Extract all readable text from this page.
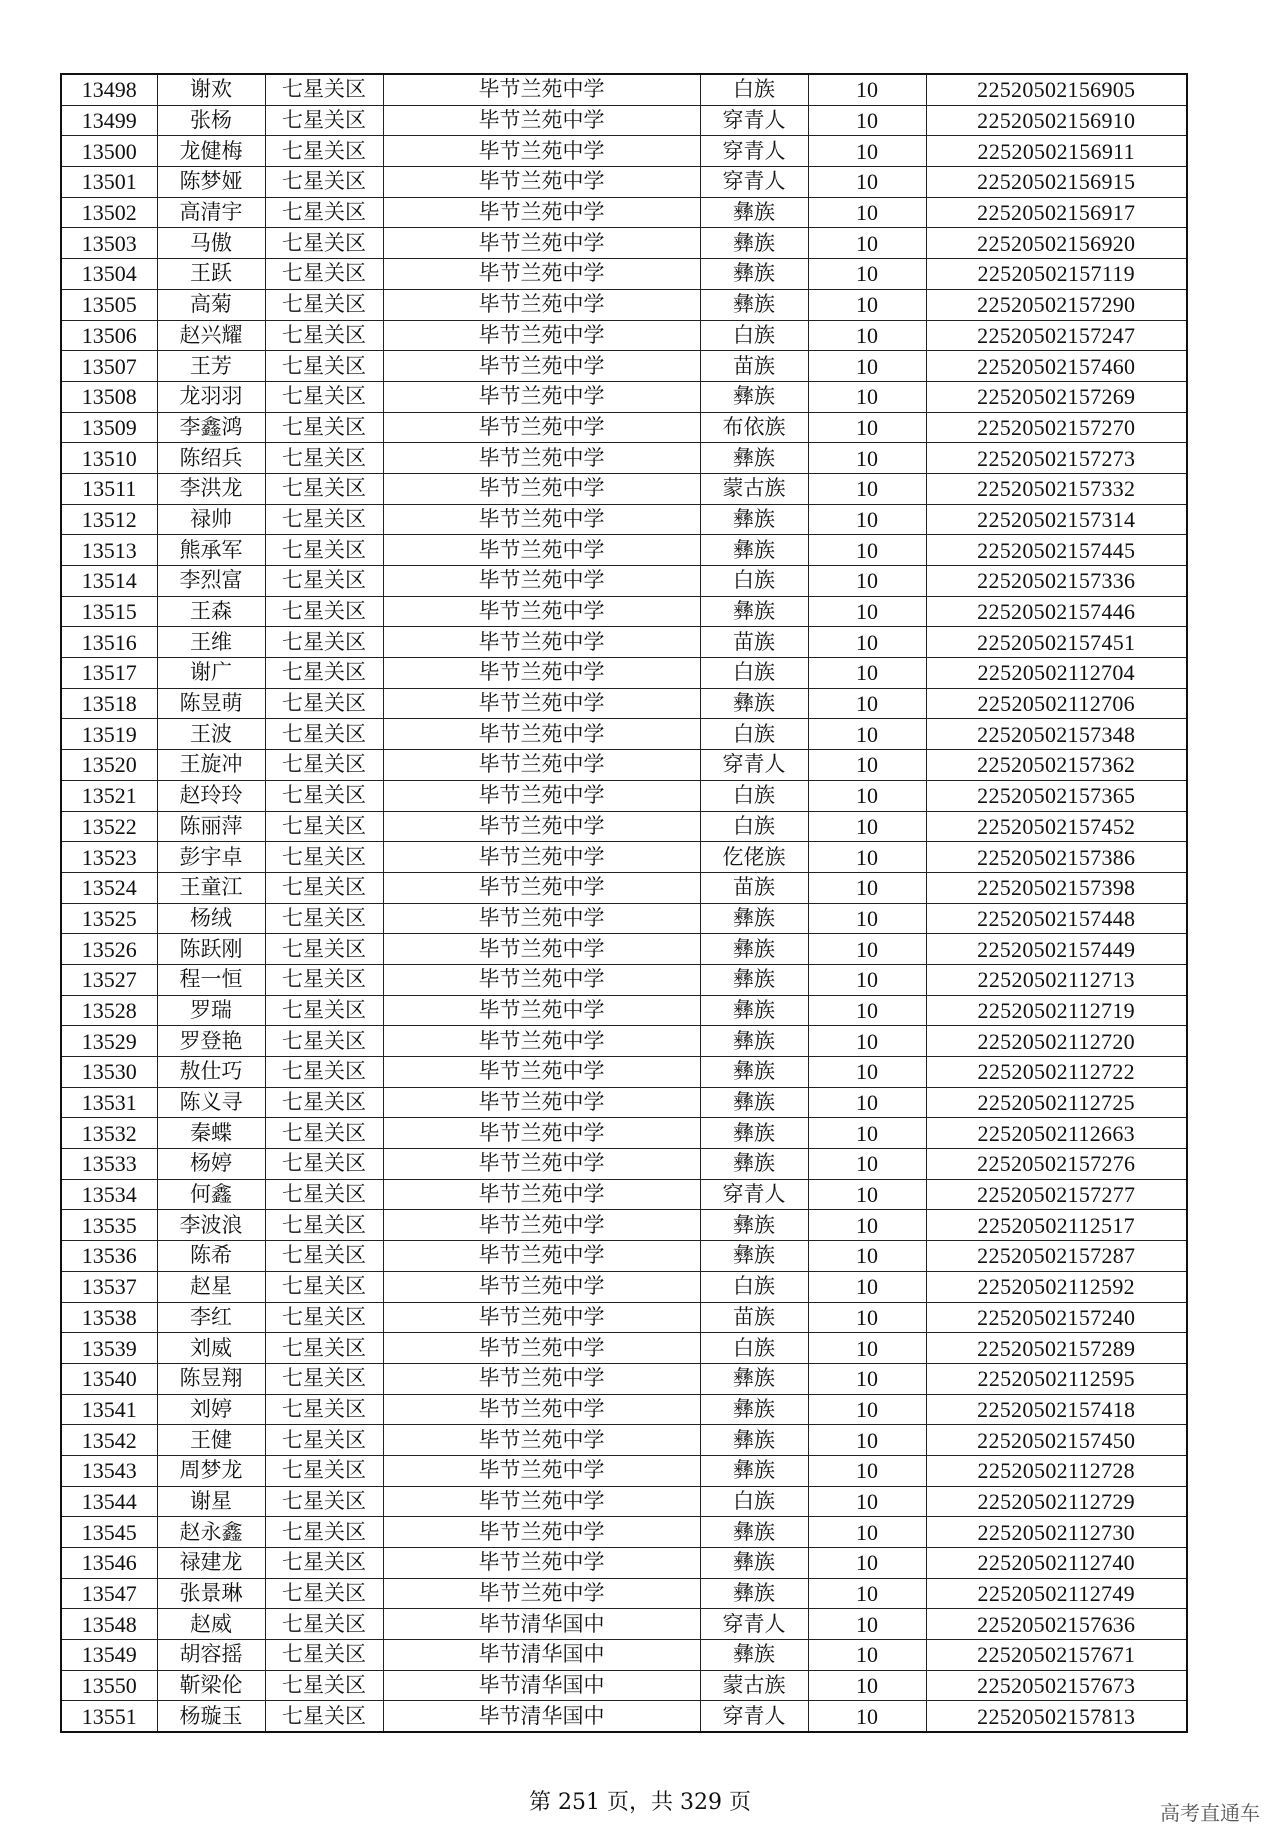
13498	谢欢	七星关区	毕节兰苑中学	白族	10	22520502156905
13499	张杨	七星关区	毕节兰苑中学	穿青人	10	22520502156910
13500	龙健梅	七星关区	毕节兰苑中学	穿青人	10	22520502156911
13501	陈梦娅	七星关区	毕节兰苑中学	穿青人	10	22520502156915
13502	高清宇	七星关区	毕节兰苑中学	彝族	10	22520502156917
13503	马傲	七星关区	毕节兰苑中学	彝族	10	22520502156920
13504	王跃	七星关区	毕节兰苑中学	彝族	10	22520502157119
13505	高菊	七星关区	毕节兰苑中学	彝族	10	22520502157290
13506	赵兴耀	七星关区	毕节兰苑中学	白族	10	22520502157247
13507	王芳	七星关区	毕节兰苑中学	苗族	10	22520502157460
13508	龙羽羽	七星关区	毕节兰苑中学	彝族	10	22520502157269
13509	李鑫鸿	七星关区	毕节兰苑中学	布依族	10	22520502157270
13510	陈绍兵	七星关区	毕节兰苑中学	彝族	10	22520502157273
13511	李洪龙	七星关区	毕节兰苑中学	蒙古族	10	22520502157332
13512	禄帅	七星关区	毕节兰苑中学	彝族	10	22520502157314
13513	熊承军	七星关区	毕节兰苑中学	彝族	10	22520502157445
13514	李烈富	七星关区	毕节兰苑中学	白族	10	22520502157336
13515	王森	七星关区	毕节兰苑中学	彝族	10	22520502157446
13516	王维	七星关区	毕节兰苑中学	苗族	10	22520502157451
13517	谢广	七星关区	毕节兰苑中学	白族	10	22520502112704
13518	陈昱萌	七星关区	毕节兰苑中学	彝族	10	22520502112706
13519	王波	七星关区	毕节兰苑中学	白族	10	22520502157348
13520	王旋冲	七星关区	毕节兰苑中学	穿青人	10	22520502157362
13521	赵玲玲	七星关区	毕节兰苑中学	白族	10	22520502157365
13522	陈丽萍	七星关区	毕节兰苑中学	白族	10	22520502157452
13523	彭宇卓	七星关区	毕节兰苑中学	仡佬族	10	22520502157386
13524	王童江	七星关区	毕节兰苑中学	苗族	10	22520502157398
13525	杨绒	七星关区	毕节兰苑中学	彝族	10	22520502157448
13526	陈跃刚	七星关区	毕节兰苑中学	彝族	10	22520502157449
13527	程一恒	七星关区	毕节兰苑中学	彝族	10	22520502112713
13528	罗瑞	七星关区	毕节兰苑中学	彝族	10	22520502112719
13529	罗登艳	七星关区	毕节兰苑中学	彝族	10	22520502112720
13530	敖仕巧	七星关区	毕节兰苑中学	彝族	10	22520502112722
13531	陈义寻	七星关区	毕节兰苑中学	彝族	10	22520502112725
13532	秦蝶	七星关区	毕节兰苑中学	彝族	10	22520502112663
13533	杨婷	七星关区	毕节兰苑中学	彝族	10	22520502157276
13534	何鑫	七星关区	毕节兰苑中学	穿青人	10	22520502157277
13535	李波浪	七星关区	毕节兰苑中学	彝族	10	22520502112517
13536	陈希	七星关区	毕节兰苑中学	彝族	10	22520502157287
13537	赵星	七星关区	毕节兰苑中学	白族	10	22520502112592
13538	李红	七星关区	毕节兰苑中学	苗族	10	22520502157240
13539	刘威	七星关区	毕节兰苑中学	白族	10	22520502157289
13540	陈昱翔	七星关区	毕节兰苑中学	彝族	10	22520502112595
13541	刘婷	七星关区	毕节兰苑中学	彝族	10	22520502157418
13542	王健	七星关区	毕节兰苑中学	彝族	10	22520502157450
13543	周梦龙	七星关区	毕节兰苑中学	彝族	10	22520502112728
13544	谢星	七星关区	毕节兰苑中学	白族	10	22520502112729
13545	赵永鑫	七星关区	毕节兰苑中学	彝族	10	22520502112730
13546	禄建龙	七星关区	毕节兰苑中学	彝族	10	22520502112740
13547	张景琳	七星关区	毕节兰苑中学	彝族	10	22520502112749
13548	赵威	七星关区	毕节清华国中	穿青人	10	22520502157636
13549	胡容摇	七星关区	毕节清华国中	彝族	10	22520502157671
13550	靳梁伦	七星关区	毕节清华国中	蒙古族	10	22520502157673
13551	杨璇玉	七星关区	毕节清华国中	穿青人	10	22520502157813
第 251 页，共 329 页	高考直通车
